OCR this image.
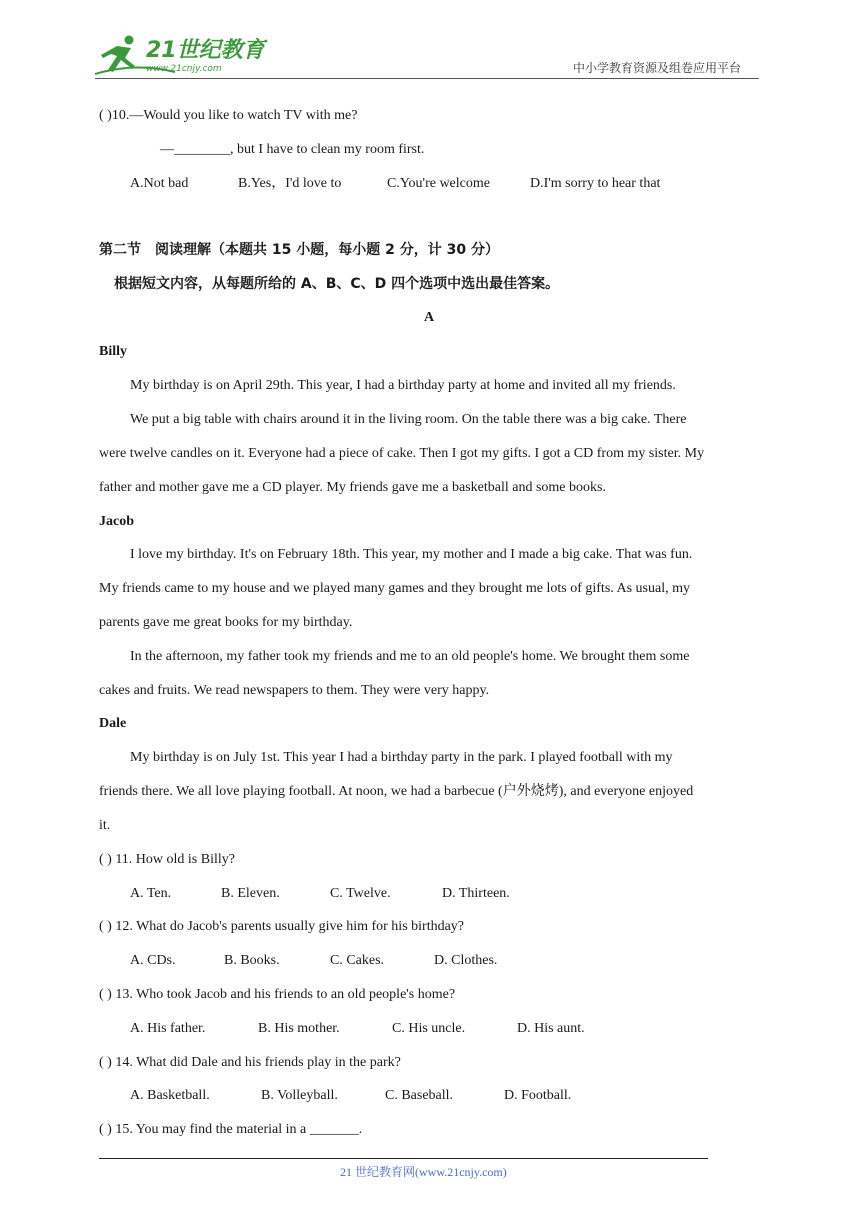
21世纪教育
www.21cnjy.com	中小学教育资源及组卷应用平台
( )10.—Would you like to watch TV with me?
—________, but I have to clean my room first.
A.Not bad	B.Yes，I'd love to	C.You're welcome	D.I'm sorry to hear that
第二节　阅读理解（本题共 15 小题，每小题 2 分，计 30 分）
根据短文内容，从每题所给的 A、B、C、D 四个选项中选出最佳答案。
A
Billy
My birthday is on April 29th. This year, I had a birthday party at home and invited all my friends.
We put a big table with chairs around it in the living room. On the table there was a big cake. There
were twelve candles on it. Everyone had a piece of cake. Then I got my gifts. I got a CD from my sister. My
father and mother gave me a CD player. My friends gave me a basketball and some books.
Jacob
I love my birthday. It's on February 18th. This year, my mother and I made a big cake. That was fun.
My friends came to my house and we played many games and they brought me lots of gifts. As usual, my
parents gave me great books for my birthday.
In the afternoon, my father took my friends and me to an old people's home. We brought them some
cakes and fruits. We read newspapers to them. They were very happy.
Dale
My birthday is on July 1st. This year I had a birthday party in the park. I played football with my
friends there. We all love playing football. At noon, we had a barbecue (户外烧烤), and everyone enjoyed
it.
( ) 11. How old is Billy?
A. Ten.	B. Eleven.	C. Twelve.	D. Thirteen.
( ) 12. What do Jacob's parents usually give him for his birthday?
A. CDs.	B. Books.	C. Cakes.	D. Clothes.
( ) 13. Who took Jacob and his friends to an old people's home?
A. His father.	B. His mother.	C. His uncle.	D. His aunt.
( ) 14. What did Dale and his friends play in the park?
A. Basketball.	B. Volleyball.	C. Baseball.	D. Football.
( ) 15. You may find the material in a _______.
21 世纪教育网(www.21cnjy.com)
